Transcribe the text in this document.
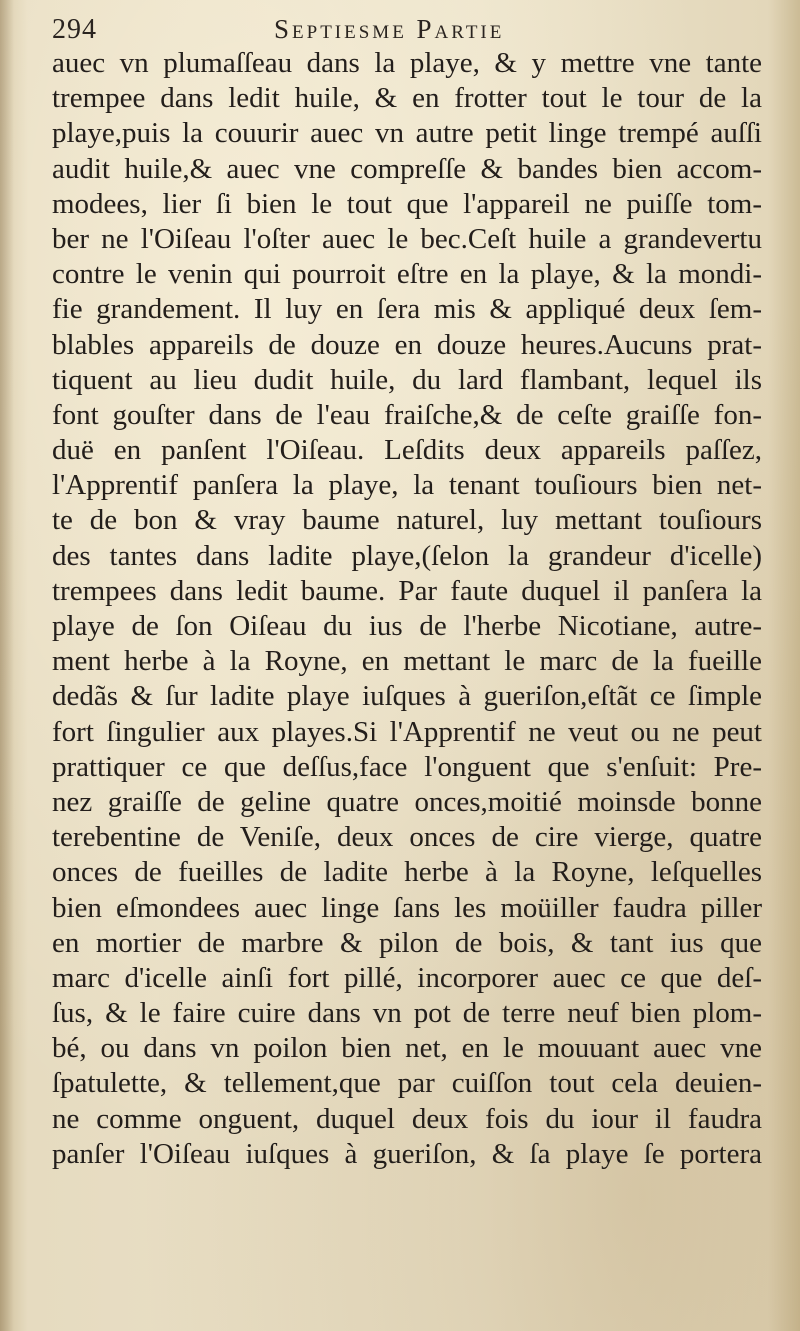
294	Septiesme Partie
auec vn plumaſſeau dans la playe, & y mettre vne tante
trempee dans ledit huile, & en frotter tout le tour de la
playe,puis la couurir auec vn autre petit linge trempé auſſi
audit huile,& auec vne compreſſe & bandes bien accom-
modees, lier ſi bien le tout que l'appareil ne puiſſe tom-
ber ne l'Oiſeau l'oſter auec le bec.Ceſt huile a grandevertu
contre le venin qui pourroit eſtre en la playe, & la mondi-
fie grandement. Il luy en ſera mis & appliqué deux ſem-
blables appareils de douze en douze heures.Aucuns prat-
tiquent au lieu dudit huile, du lard flambant, lequel ils
font gouſter dans de l'eau fraiſche,& de ceſte graiſſe fon-
duë en panſent l'Oiſeau. Leſdits deux appareils paſſez,
l'Apprentif panſera la playe, la tenant touſiours bien net-
te de bon & vray baume naturel, luy mettant touſiours
des tantes dans ladite playe,(ſelon la grandeur d'icelle)
trempees dans ledit baume. Par faute duquel il panſera la
playe de ſon Oiſeau du ius de l'herbe Nicotiane, autre-
ment herbe à la Royne, en mettant le marc de la fueille
dedãs & ſur ladite playe iuſques à gueriſon,eſtãt ce ſimple
fort ſingulier aux playes.Si l'Apprentif ne veut ou ne peut
prattiquer ce que deſſus,face l'onguent que s'enſuit: Pre-
nez graiſſe de geline quatre onces,moitié moinsde bonne
terebentine de Veniſe, deux onces de cire vierge, quatre
onces de fueilles de ladite herbe à la Royne, leſquelles
bien eſmondees auec linge ſans les moüiller faudra piller
en mortier de marbre & pilon de bois, & tant ius que
marc d'icelle ainſi fort pillé, incorporer auec ce que deſ-
ſus, & le faire cuire dans vn pot de terre neuf bien plom-
bé, ou dans vn poilon bien net, en le mouuant auec vne
ſpatulette, & tellement,que par cuiſſon tout cela deuien-
ne comme onguent, duquel deux fois du iour il faudra
panſer l'Oiſeau iuſques à gueriſon, & ſa playe ſe portera
